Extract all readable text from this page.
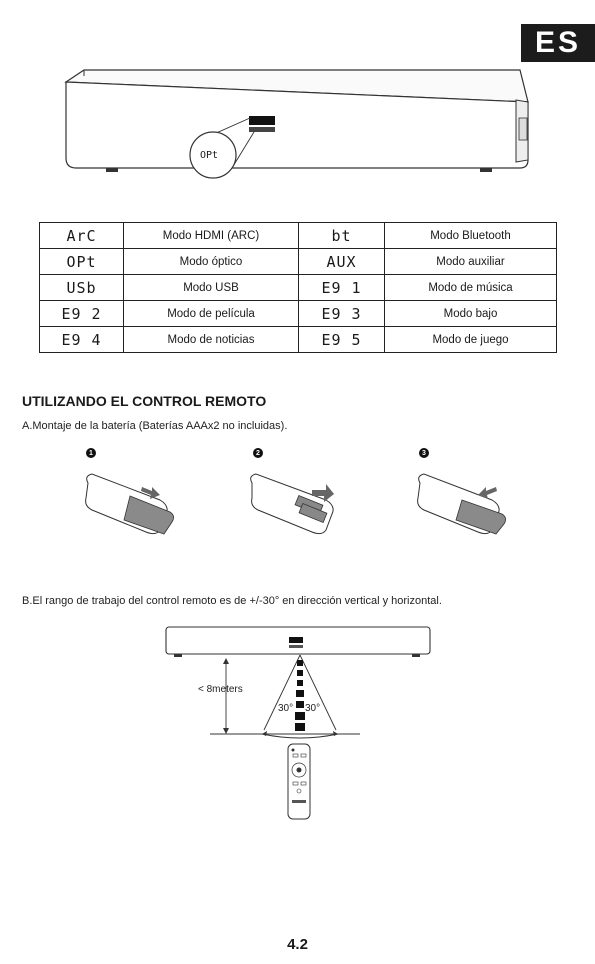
ES
OPt
ArC	Modo HDMI (ARC)	bt	Modo Bluetooth
OPt	Modo óptico	AUX	Modo auxiliar
USb	Modo USB	E9 1	Modo de música
E9 2	Modo de película	E9 3	Modo bajo
E9 4	Modo de noticias	E9 5	Modo de juego
UTILIZANDO EL CONTROL REMOTO
A.Montaje de la batería (Baterías AAAx2 no incluidas).
1	2	3
B.El rango de trabajo del control remoto es de +/-30° en dirección vertical y horizontal.
< 8meters
30° 30°
4.2
